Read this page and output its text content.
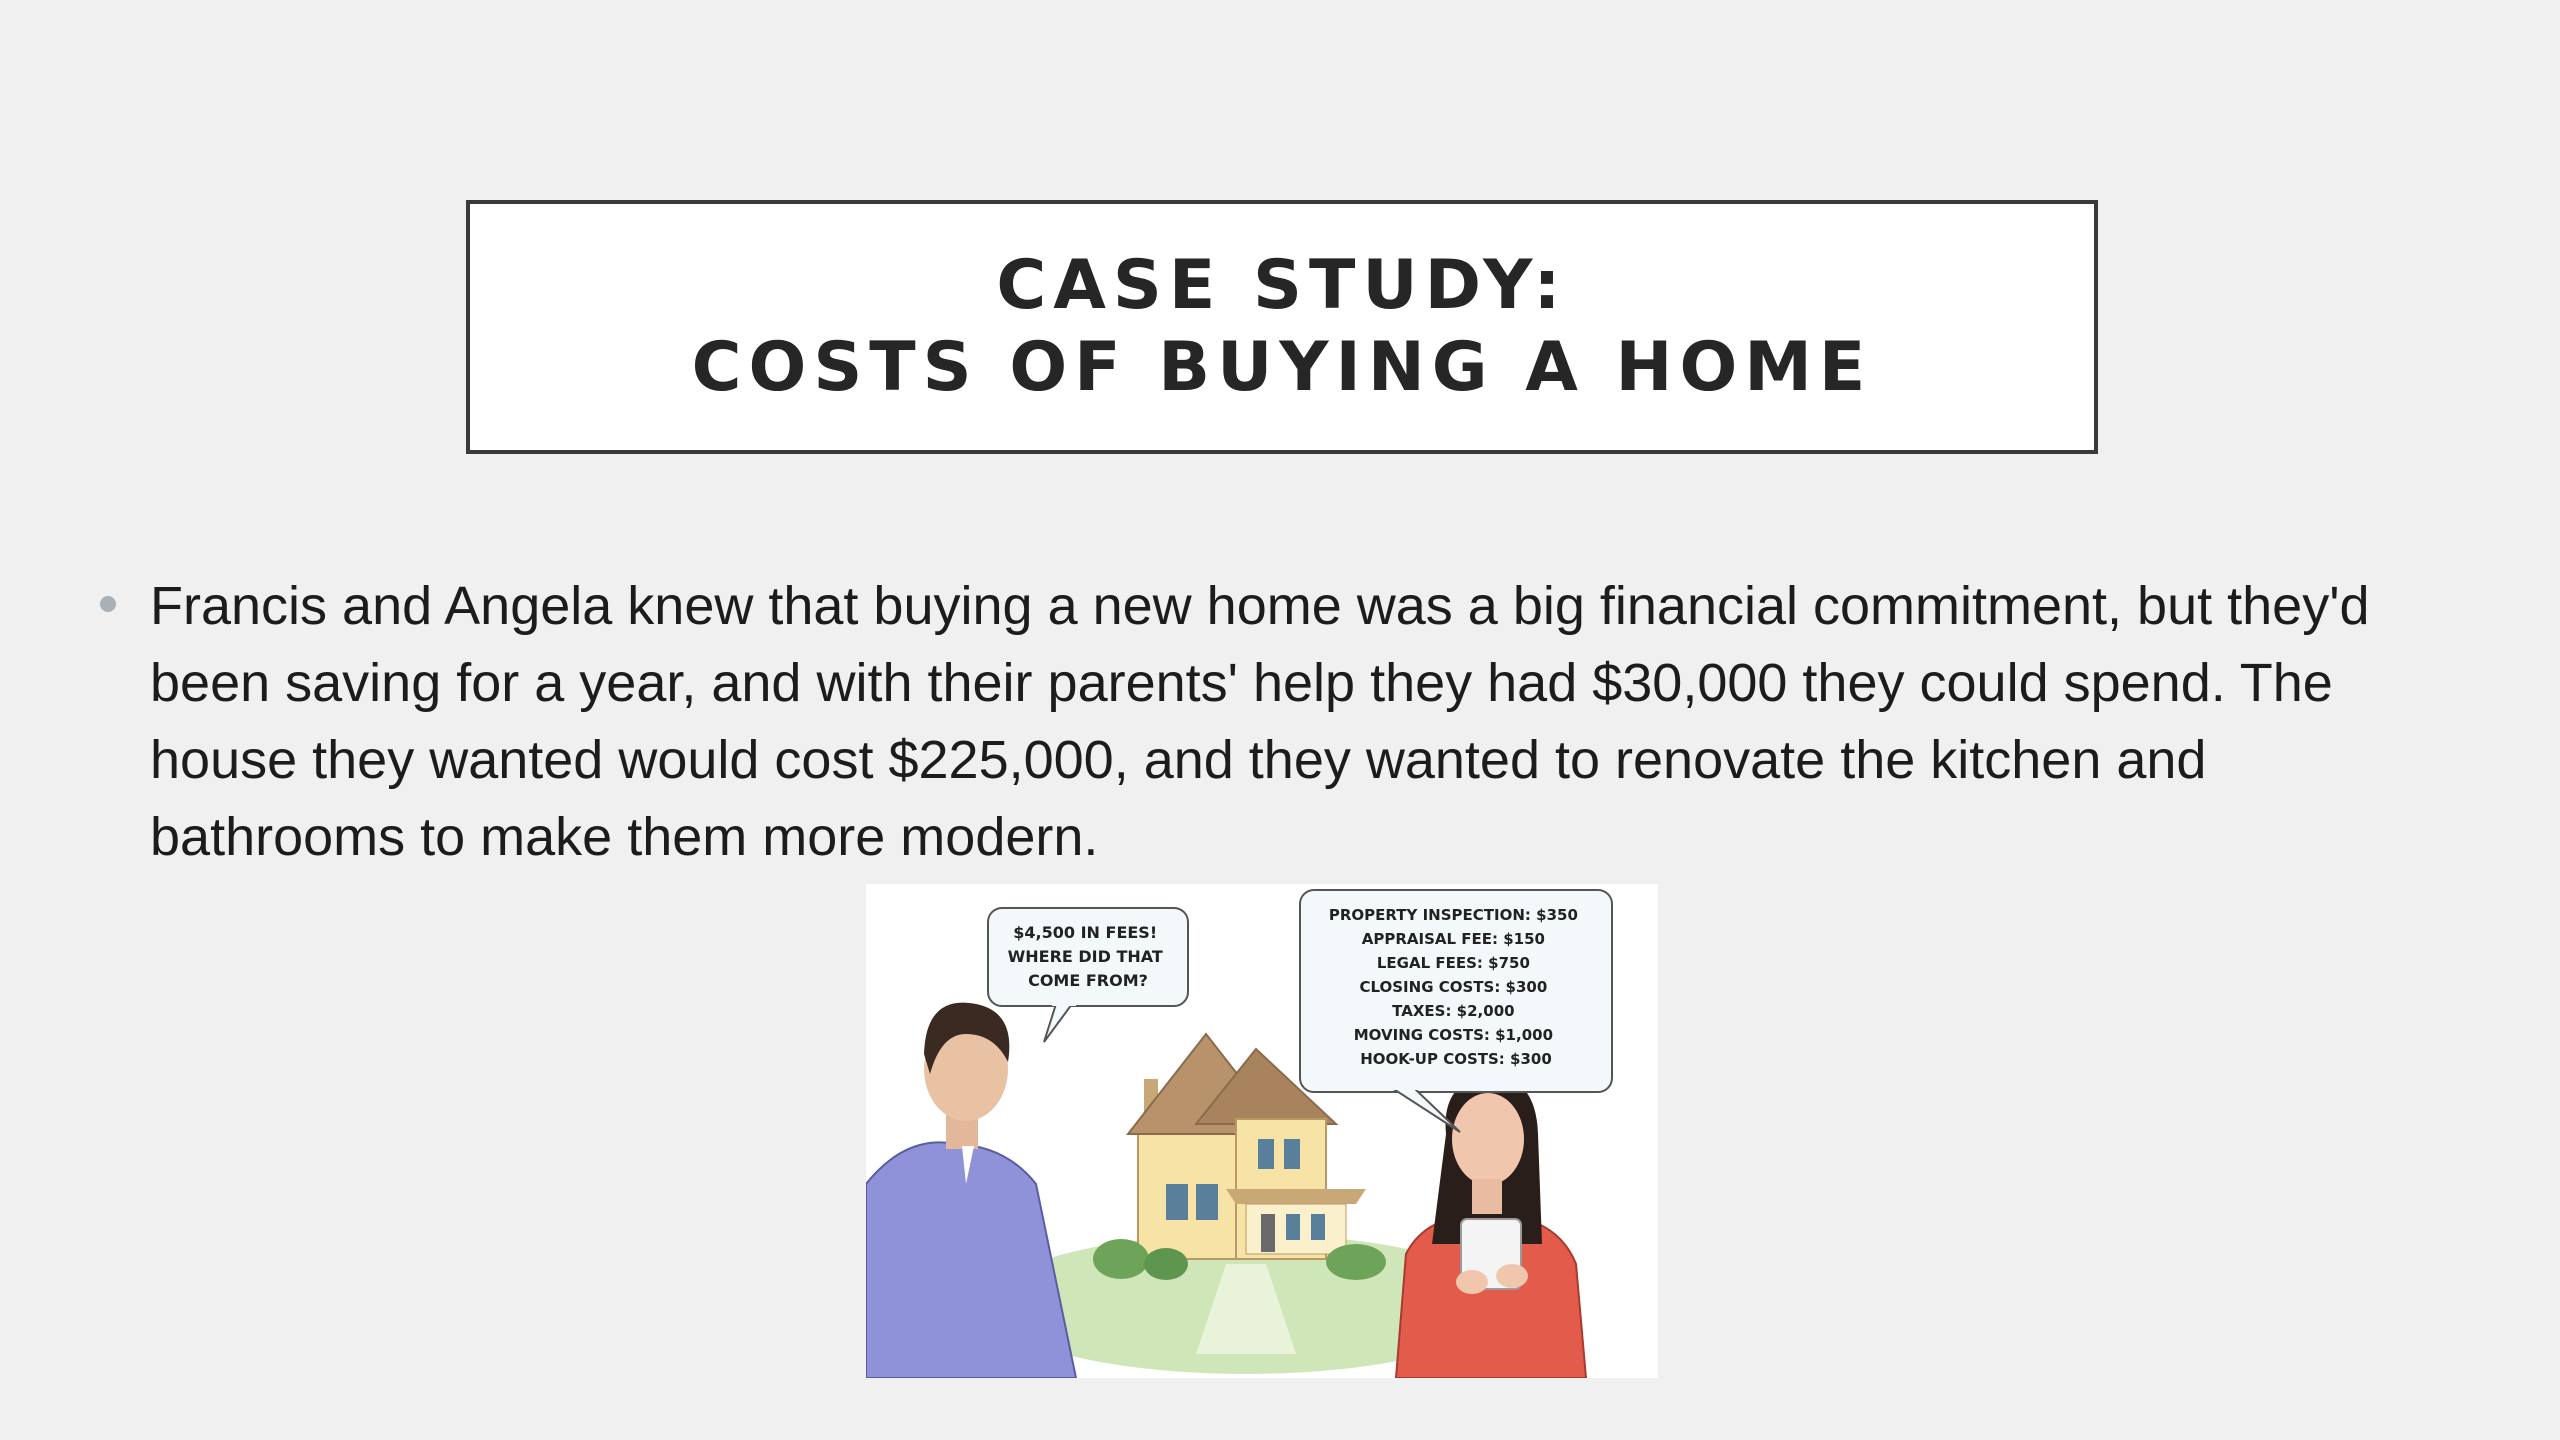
CASE STUDY:
COSTS OF BUYING A HOME
Francis and Angela knew that buying a new home was a big financial commitment, but they'd been saving for a year, and with their parents' help they had $30,000 they could spend. The house they wanted would cost $225,000, and they wanted to renovate the kitchen and bathrooms to make them more modern.
$4,500 IN FEES! WHERE DID THAT COME FROM?
PROPERTY INSPECTION: $350 APPRAISAL FEE: $150 LEGAL FEES: $750 CLOSING COSTS: $300 TAXES: $2,000 MOVING COSTS: $1,000 HOOK-UP COSTS: $300
